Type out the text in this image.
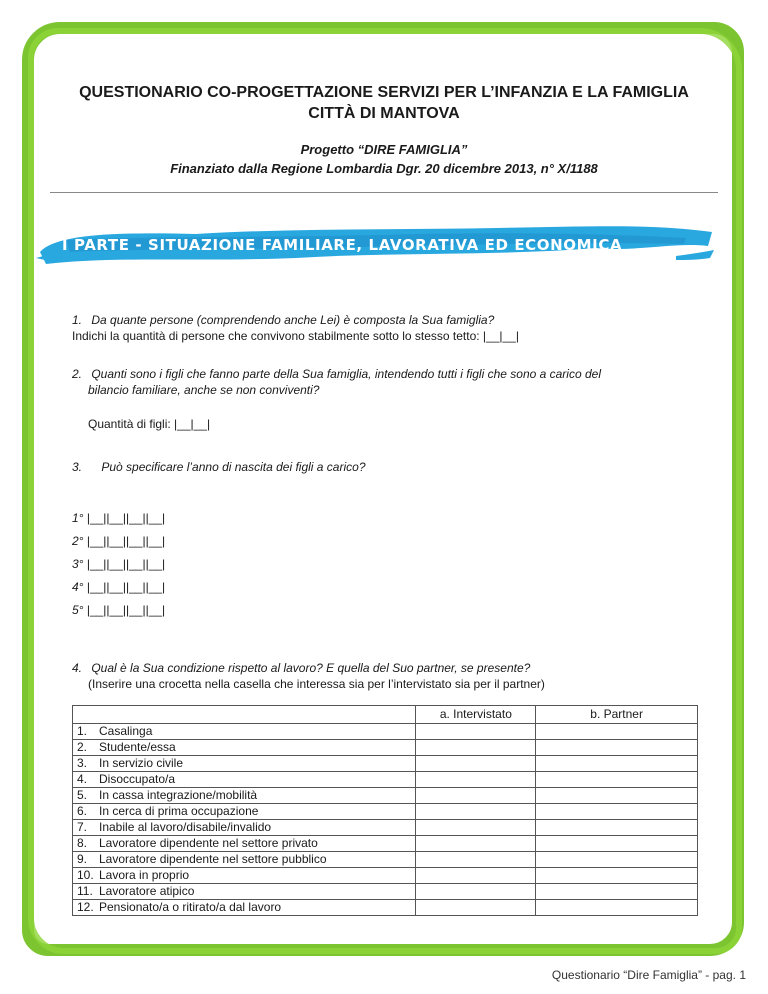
QUESTIONARIO CO-PROGETTAZIONE SERVIZI PER L’INFANZIA E LA FAMIGLIA
CITTÀ DI MANTOVA
Progetto “DIRE FAMIGLIA”
Finanziato dalla Regione Lombardia Dgr. 20 dicembre 2013, n° X/1188
I PARTE - SITUAZIONE FAMILIARE, LAVORATIVA ED ECONOMICA
1. Da quante persone (comprendendo anche Lei) è composta la Sua famiglia?
Indichi la quantità di persone che convivono stabilmente sotto lo stesso tetto: |__|__|
2. Quanti sono i figli che fanno parte della Sua famiglia, intendendo tutti i figli che sono a carico del
bilancio familiare, anche se non conviventi?
Quantità di figli: |__|__|
3. Può specificare l’anno di nascita dei figli a carico?
1° |__||__||__||__|
2° |__||__||__||__|
3° |__||__||__||__|
4° |__||__||__||__|
5° |__||__||__||__|
4. Qual è la Sua condizione rispetto al lavoro? E quella del Suo partner, se presente?
(Inserire una crocetta nella casella che interessa sia per l’intervistato sia per il partner)
	a. Intervistato	b. Partner
1. Casalinga		
2. Studente/essa		
3. In servizio civile		
4. Disoccupato/a		
5. In cassa integrazione/mobilità		
6. In cerca di prima occupazione		
7. Inabile al lavoro/disabile/invalido		
8. Lavoratore dipendente nel settore privato		
9. Lavoratore dipendente nel settore pubblico		
10. Lavora in proprio		
11. Lavoratore atipico		
12. Pensionato/a o ritirato/a dal lavoro		
Questionario “Dire Famiglia” - pag. 1
